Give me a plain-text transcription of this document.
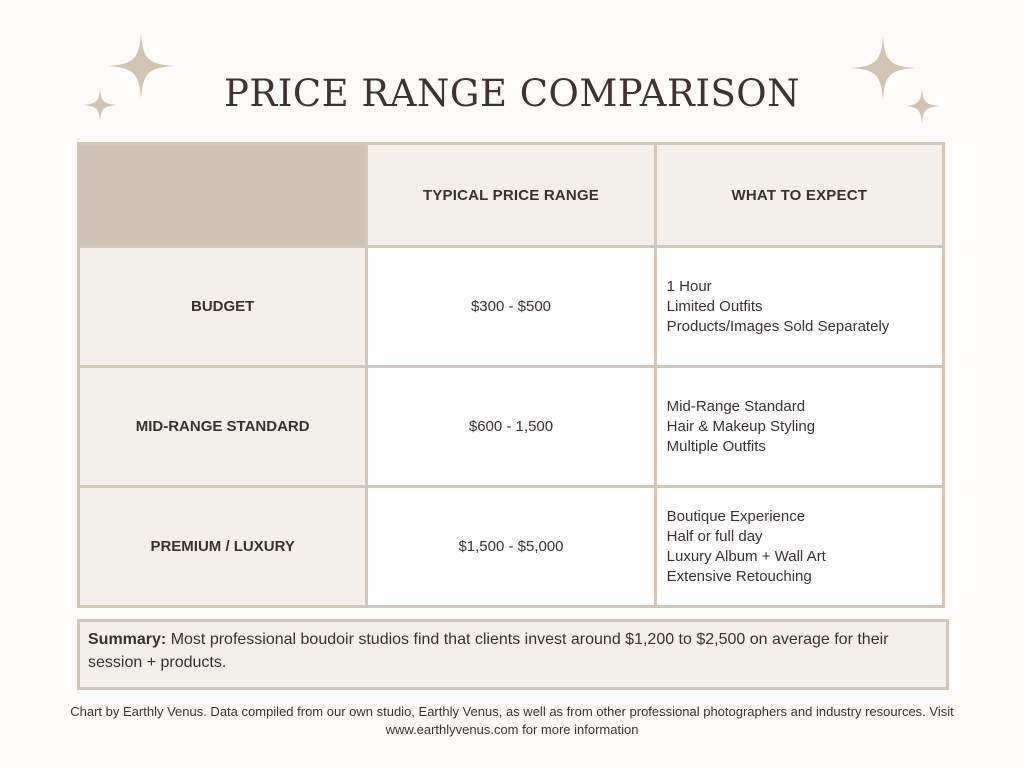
PRICE RANGE COMPARISON
	TYPICAL PRICE RANGE	WHAT TO EXPECT
BUDGET	$300 - $500	1 Hour
Limited Outfits
Products/Images Sold Separately

MID-RANGE STANDARD	$600 - 1,500	Mid-Range Standard
Hair & Makeup Styling
Multiple Outfits

PREMIUM / LUXURY	$1,500 - $5,000	Boutique Experience
Half or full day
Luxury Album + Wall Art
Extensive Retouching
Summary: Most professional boudoir studios find that clients invest around $1,200 to $2,500 on average for their session + products.
Chart by Earthly Venus. Data compiled from our own studio, Earthly Venus, as well as from other professional photographers and industry resources. Visit www.earthlyvenus.com for more information
